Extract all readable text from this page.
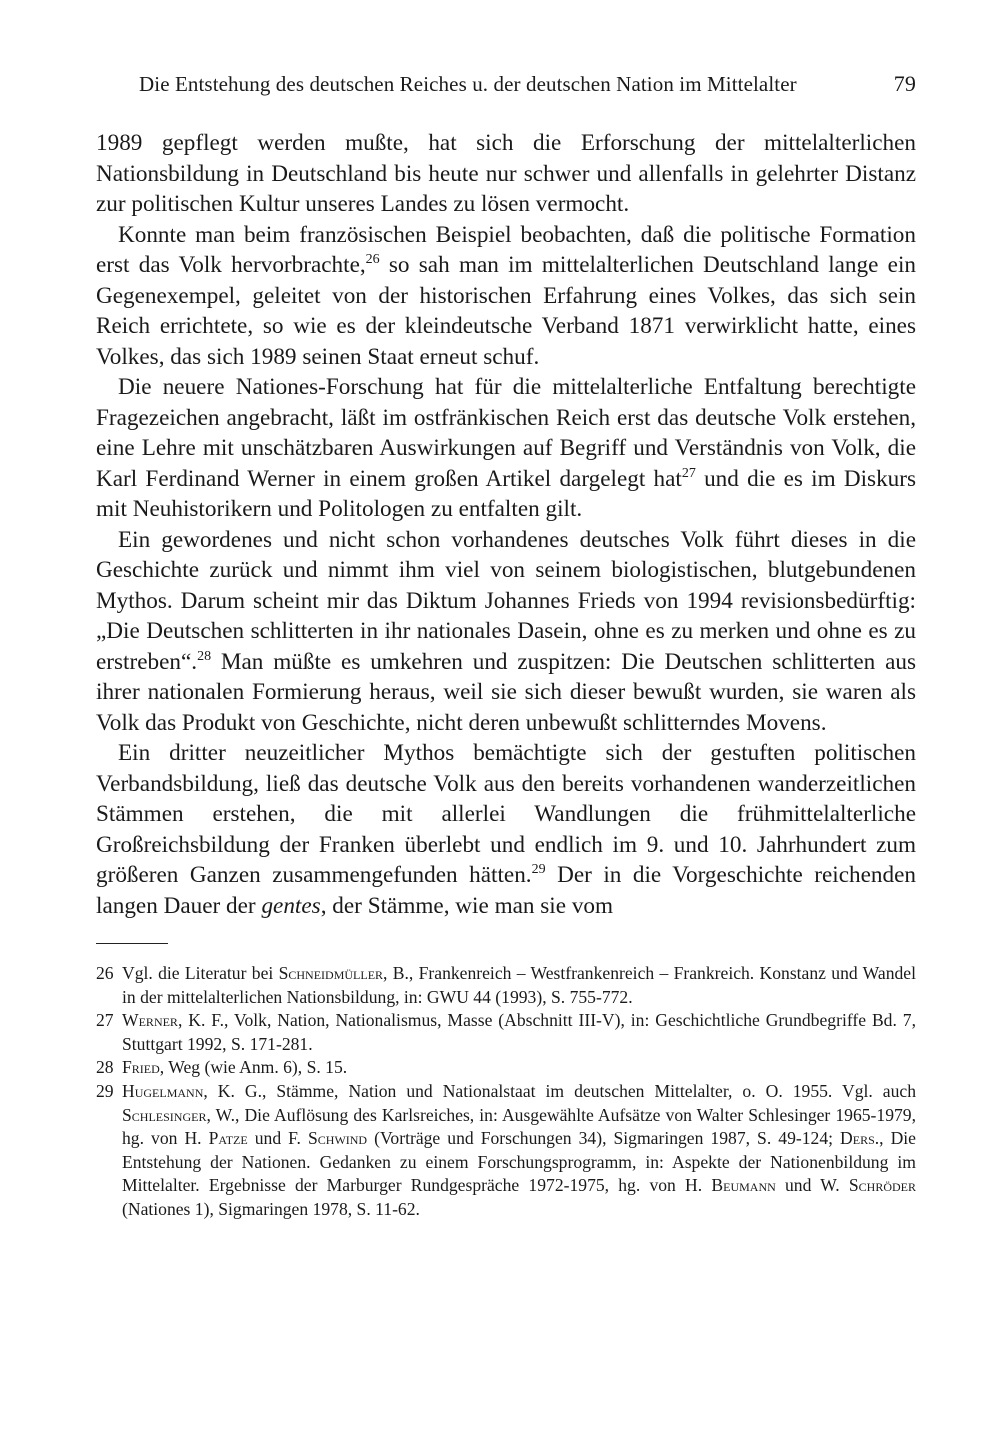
Die Entstehung des deutschen Reiches u. der deutschen Nation im Mittelalter	79

1989 gepflegt werden mußte, hat sich die Erforschung der mittelalterlichen Nationsbildung in Deutschland bis heute nur schwer und allenfalls in gelehrter Distanz zur politischen Kultur unseres Landes zu lösen vermocht.

Konnte man beim französischen Beispiel beobachten, daß die politische Formation erst das Volk hervorbrachte,$^{26}$ so sah man im mittelalterlichen Deutschland lange ein Gegenexempel, geleitet von der historischen Erfahrung eines Volkes, das sich sein Reich errichtete, so wie es der kleindeutsche Verband 1871 verwirklicht hatte, eines Volkes, das sich 1989 seinen Staat erneut schuf.

Die neuere Nationes-Forschung hat für die mittelalterliche Entfaltung berechtigte Fragezeichen angebracht, läßt im ostfränkischen Reich erst das deutsche Volk erstehen, eine Lehre mit unschätzbaren Auswirkungen auf Begriff und Verständnis von Volk, die Karl Ferdinand Werner in einem großen Artikel dargelegt hat$^{27}$ und die es im Diskurs mit Neuhistorikern und Politologen zu entfalten gilt.

Ein gewordenes und nicht schon vorhandenes deutsches Volk führt dieses in die Geschichte zurück und nimmt ihm viel von seinem biologistischen, blutgebundenen Mythos. Darum scheint mir das Diktum Johannes Frieds von 1994 revisionsbedürftig: „Die Deutschen schlitterten in ihr nationales Dasein, ohne es zu merken und ohne es zu erstreben“.$^{28}$ Man müßte es umkehren und zuspitzen: Die Deutschen schlitterten aus ihrer nationalen Formierung heraus, weil sie sich dieser bewußt wurden, sie waren als Volk das Produkt von Geschichte, nicht deren unbewußt schlitterndes Movens.

Ein dritter neuzeitlicher Mythos bemächtigte sich der gestuften politischen Verbandsbildung, ließ das deutsche Volk aus den bereits vorhandenen wanderzeitlichen Stämmen erstehen, die mit allerlei Wandlungen die frühmittelalterliche Großreichsbildung der Franken überlebt und endlich im 9. und 10. Jahrhundert zum größeren Ganzen zusammengefunden hätten.$^{29}$ Der in die Vorgeschichte reichenden langen Dauer der gentes, der Stämme, wie man sie vom

26 Vgl. die Literatur bei Schneidmüller, B., Frankenreich – Westfrankenreich – Frankreich. Konstanz und Wandel in der mittelalterlichen Nationsbildung, in: GWU 44 (1993), S. 755-772.
27 Werner, K. F., Volk, Nation, Nationalismus, Masse (Abschnitt III-V), in: Geschichtliche Grundbegriffe Bd. 7, Stuttgart 1992, S. 171-281.
28 Fried, Weg (wie Anm. 6), S. 15.
29 Hugelmann, K. G., Stämme, Nation und Nationalstaat im deutschen Mittelalter, o. O. 1955. Vgl. auch Schlesinger, W., Die Auflösung des Karlsreiches, in: Ausgewählte Aufsätze von Walter Schlesinger 1965-1979, hg. von H. Patze und F. Schwind (Vorträge und Forschungen 34), Sigmaringen 1987, S. 49-124; Ders., Die Entstehung der Nationen. Gedanken zu einem Forschungsprogramm, in: Aspekte der Nationenbildung im Mittelalter. Ergebnisse der Marburger Rundgespräche 1972-1975, hg. von H. Beumann und W. Schröder (Nationes 1), Sigmaringen 1978, S. 11-62.
